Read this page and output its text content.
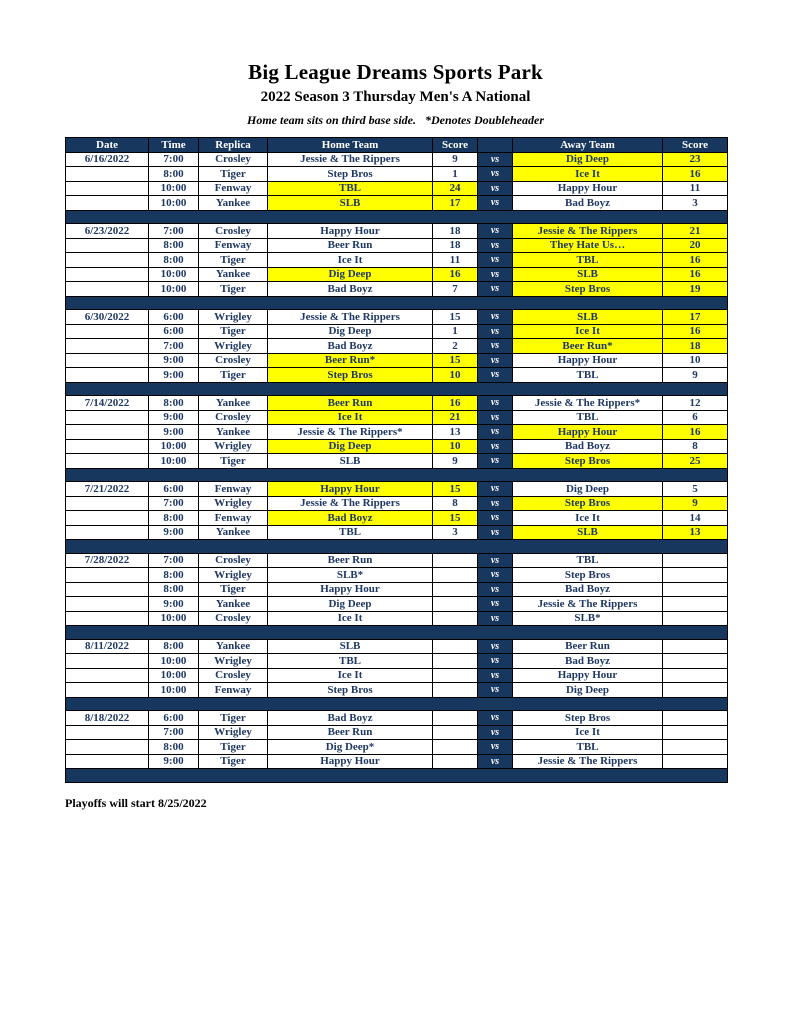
Big League Dreams Sports Park
2022 Season 3 Thursday Men's A National
Home team sits on third base side.   *Denotes Doubleheader
Date	Time	Replica	Home Team	Score		Away Team	Score
6/16/2022	7:00	Crosley	Jessie & The Rippers	9	vs	Dig Deep	23
	8:00	Tiger	Step Bros	1	vs	Ice It	16
	10:00	Fenway	TBL	24	vs	Happy Hour	11
	10:00	Yankee	SLB	17	vs	Bad Boyz	3

6/23/2022	7:00	Crosley	Happy Hour	18	vs	Jessie & The Rippers	21
	8:00	Fenway	Beer Run	18	vs	They Hate Us…	20
	8:00	Tiger	Ice It	11	vs	TBL	16
	10:00	Yankee	Dig Deep	16	vs	SLB	16
	10:00	Tiger	Bad Boyz	7	vs	Step Bros	19

6/30/2022	6:00	Wrigley	Jessie & The Rippers	15	vs	SLB	17
	6:00	Tiger	Dig Deep	1	vs	Ice It	16
	7:00	Wrigley	Bad Boyz	2	vs	Beer Run*	18
	9:00	Crosley	Beer Run*	15	vs	Happy Hour	10
	9:00	Tiger	Step Bros	10	vs	TBL	9

7/14/2022	8:00	Yankee	Beer Run	16	vs	Jessie & The Rippers*	12
	9:00	Crosley	Ice It	21	vs	TBL	6
	9:00	Yankee	Jessie & The Rippers*	13	vs	Happy Hour	16
	10:00	Wrigley	Dig Deep	10	vs	Bad Boyz	8
	10:00	Tiger	SLB	9	vs	Step Bros	25

7/21/2022	6:00	Fenway	Happy Hour	15	vs	Dig Deep	5
	7:00	Wrigley	Jessie & The Rippers	8	vs	Step Bros	9
	8:00	Fenway	Bad Boyz	15	vs	Ice It	14
	9:00	Yankee	TBL	3	vs	SLB	13

7/28/2022	7:00	Crosley	Beer Run		vs	TBL	
	8:00	Wrigley	SLB*		vs	Step Bros	
	8:00	Tiger	Happy Hour		vs	Bad Boyz	
	9:00	Yankee	Dig Deep		vs	Jessie & The Rippers	
	10:00	Crosley	Ice It		vs	SLB*	

8/11/2022	8:00	Yankee	SLB		vs	Beer Run	
	10:00	Wrigley	TBL		vs	Bad Boyz	
	10:00	Crosley	Ice It		vs	Happy Hour	
	10:00	Fenway	Step Bros		vs	Dig Deep	

8/18/2022	6:00	Tiger	Bad Boyz		vs	Step Bros	
	7:00	Wrigley	Beer Run		vs	Ice It	
	8:00	Tiger	Dig Deep*		vs	TBL	
	9:00	Tiger	Happy Hour		vs	Jessie & The Rippers	

Playoffs will start 8/25/2022
